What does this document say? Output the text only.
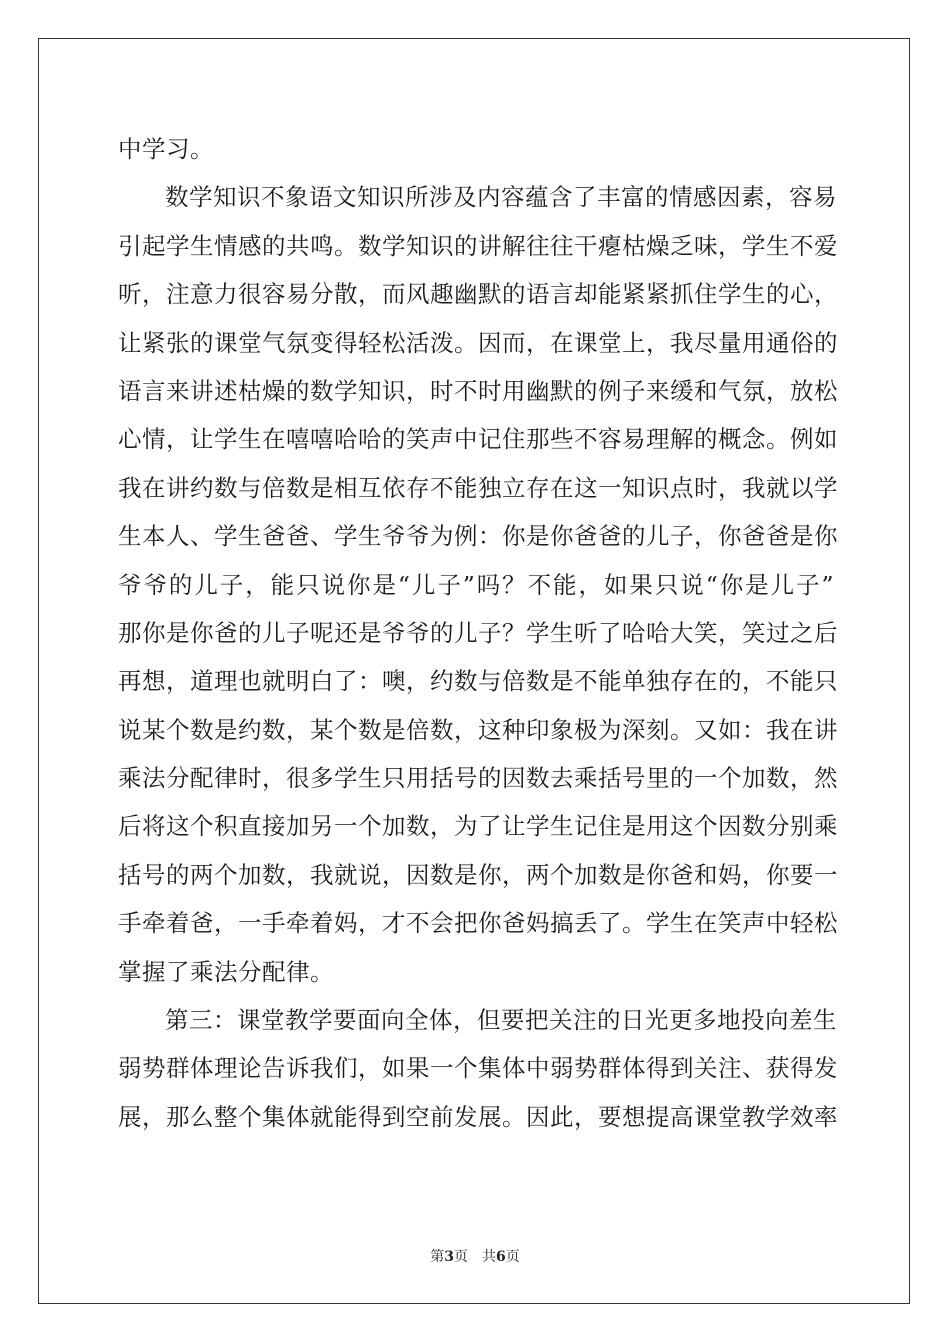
中学习。
数学知识不象语文知识所涉及内容蕴含了丰富的情感因素，容易
引起学生情感的共鸣。数学知识的讲解往往干瘪枯燥乏味，学生不爱
听，注意力很容易分散，而风趣幽默的语言却能紧紧抓住学生的心，
让紧张的课堂气氛变得轻松活泼。因而，在课堂上，我尽量用通俗的
语言来讲述枯燥的数学知识，时不时用幽默的例子来缓和气氛，放松
心情，让学生在嘻嘻哈哈的笑声中记住那些不容易理解的概念。例如
我在讲约数与倍数是相互依存不能独立存在这一知识点时，我就以学
生本人、学生爸爸、学生爷爷为例：你是你爸爸的儿子，你爸爸是你
爷爷的儿子，能只说你是“儿子”吗？不能，如果只说“你是儿子”
那你是你爸的儿子呢还是爷爷的儿子？学生听了哈哈大笑，笑过之后
再想，道理也就明白了：噢，约数与倍数是不能单独存在的，不能只
说某个数是约数，某个数是倍数，这种印象极为深刻。又如：我在讲
乘法分配律时，很多学生只用括号的因数去乘括号里的一个加数，然
后将这个积直接加另一个加数，为了让学生记住是用这个因数分别乘
括号的两个加数，我就说，因数是你，两个加数是你爸和妈，你要一
手牵着爸，一手牵着妈，才不会把你爸妈搞丢了。学生在笑声中轻松
掌握了乘法分配律。
第三：课堂教学要面向全体，但要把关注的日光更多地投向差生
弱势群体理论告诉我们，如果一个集体中弱势群体得到关注、获得发
展，那么整个集体就能得到空前发展。因此，要想提高课堂教学效率
第3页　共6页
